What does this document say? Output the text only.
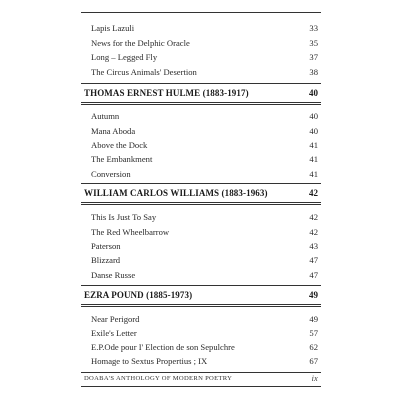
Lapis Lazuli	33
News for the Delphic Oracle	35
Long – Legged Fly	37
The Circus Animals' Desertion	38
THOMAS ERNEST HULME (1883-1917)	40
Autumn	40
Mana Aboda	40
Above the Dock	41
The Embankment	41
Conversion	41
WILLIAM CARLOS WILLIAMS (1883-1963)	42
This Is Just To Say	42
The Red Wheelbarrow	42
Paterson	43
Blizzard	47
Danse Russe	47
EZRA POUND (1885-1973)	49
Near Perigord	49
Exile's Letter	57
E.P.Ode pour I' Election de son Sepulchre	62
Homage to Sextus Propertius ; IX	67
DOABA'S ANTHOLOGY OF MODERN POETRY	ix
